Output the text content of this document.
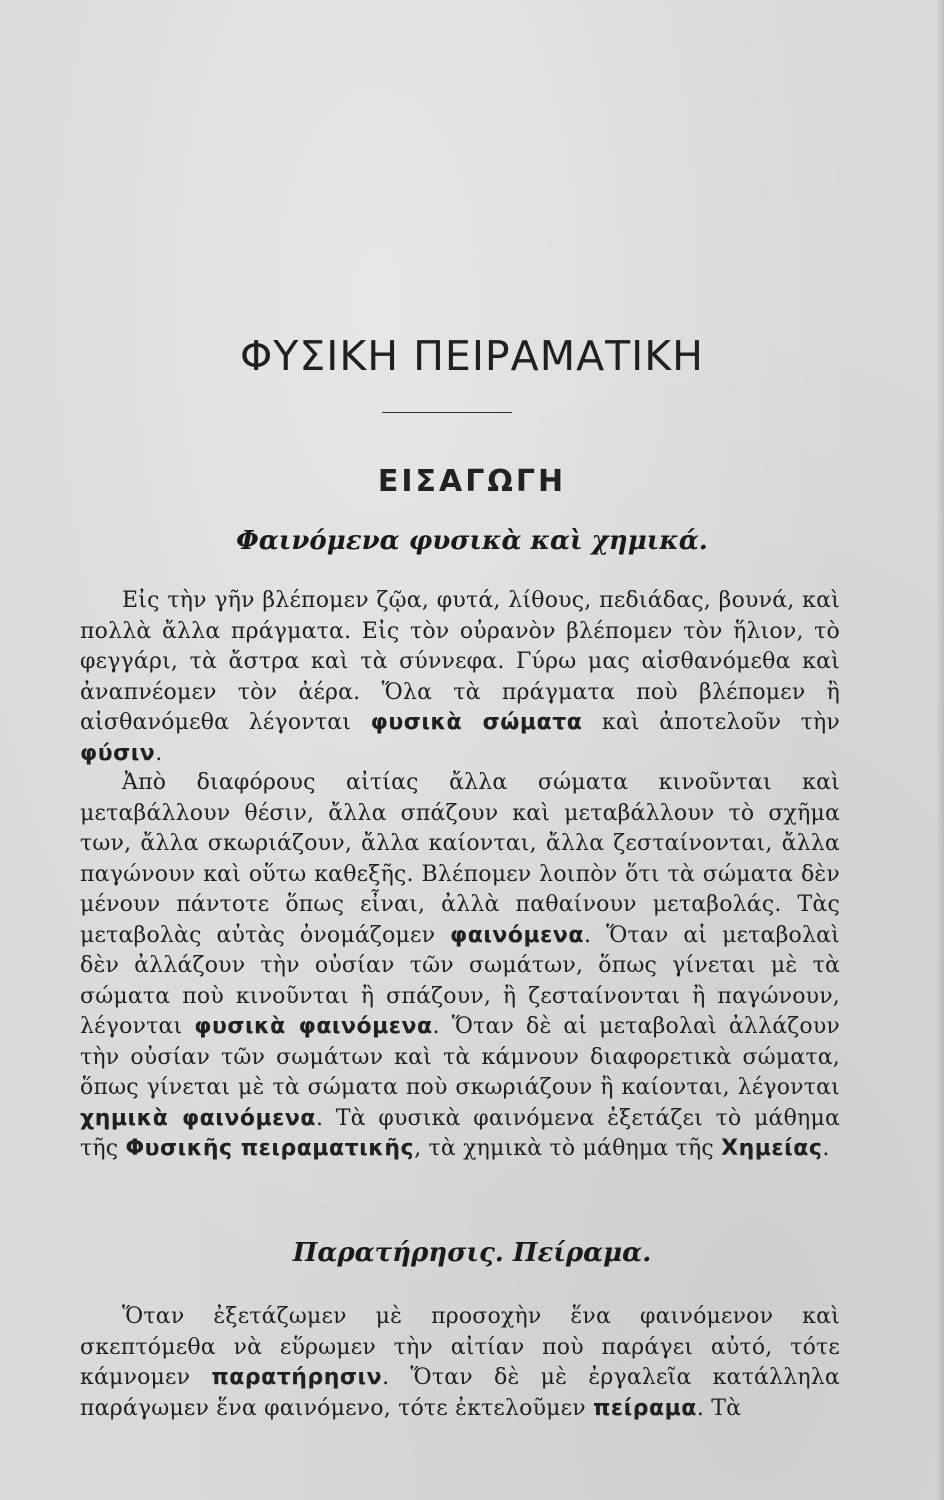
ΦΥΣΙΚΗ ΠΕΙΡΑΜΑΤΙΚΗ
ΕΙΣΑΓΩΓΗ
Φαινόμενα φυσικὰ καὶ χημικά.

Εἰς τὴν γῆν βλέπομεν ζῷα, φυτά, λίθους, πεδιάδας, βουνά, καὶ πολλὰ ἄλλα πράγματα. Εἰς τὸν οὐρανὸν βλέπομεν τὸν ἥλιον, τὸ φεγγάρι, τὰ ἄστρα καὶ τὰ σύννεφα. Γύρω μας αἰσθανόμεθα καὶ ἀναπνέομεν τὸν ἀέρα. Ὅλα τὰ πράγματα ποὺ βλέπομεν ἢ αἰσθανόμεθα λέγονται φυσικὰ σώματα καὶ ἀποτελοῦν τὴν φύσιν.

Ἀπὸ διαφόρους αἰτίας ἄλλα σώματα κινοῦνται καὶ μεταβάλλουν θέσιν, ἄλλα σπάζουν καὶ μεταβάλλουν τὸ σχῆμα των, ἄλλα σκωριάζουν, ἄλλα καίονται, ἄλλα ζεσταίνονται, ἄλλα παγώνουν καὶ οὕτω καθεξῆς. Βλέπομεν λοιπὸν ὅτι τὰ σώματα δὲν μένουν πάντοτε ὅπως εἶναι, ἀλλὰ παθαίνουν μεταβολάς. Τὰς μεταβολὰς αὐτὰς ὀνομάζομεν φαινόμενα. Ὅταν αἱ μεταβολαὶ δὲν ἀλλάζουν τὴν οὐσίαν τῶν σωμάτων, ὅπως γίνεται μὲ τὰ σώματα ποὺ κινοῦνται ἢ σπάζουν, ἢ ζεσταίνονται ἢ παγώνουν, λέγονται φυσικὰ φαινόμενα. Ὅταν δὲ αἱ μεταβολαὶ ἀλλάζουν τὴν οὐσίαν τῶν σωμάτων καὶ τὰ κάμνουν διαφορετικὰ σώματα, ὅπως γίνεται μὲ τὰ σώματα ποὺ σκωριάζουν ἢ καίονται, λέγονται χημικὰ φαινόμενα. Τὰ φυσικὰ φαινόμενα ἐξετάζει τὸ μάθημα τῆς Φυσικῆς πειραματικῆς, τὰ χημικὰ τὸ μάθημα τῆς Χημείας.

Παρατήρησις. Πείραμα.

Ὅταν ἐξετάζωμεν μὲ προσοχὴν ἕνα φαινόμενον καὶ σκεπτόμεθα νὰ εὕρωμεν τὴν αἰτίαν ποὺ παράγει αὐτό, τότε κάμνομεν παρατήρησιν. Ὅταν δὲ μὲ ἐργαλεῖα κατάλληλα παράγωμεν ἕνα φαινόμενο, τότε ἐκτελοῦμεν πείραμα. Τὰ
